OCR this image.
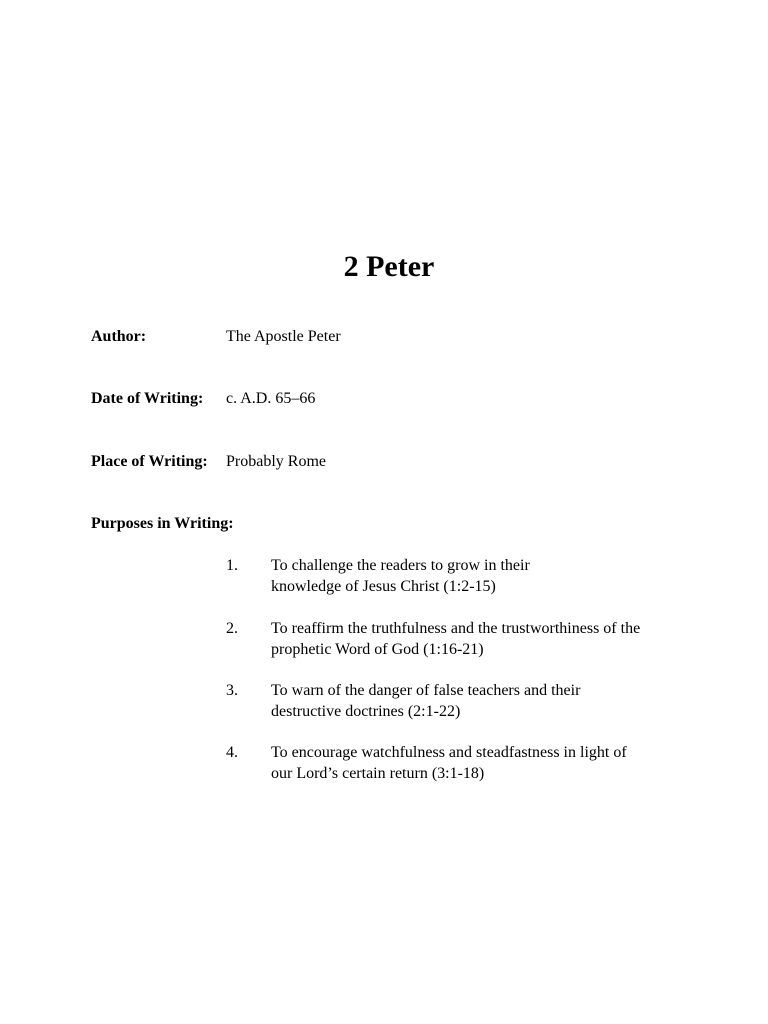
2 Peter
Author:	The Apostle Peter
Date of Writing: c. A.D. 65–66
Place of Writing: Probably Rome
Purposes in Writing:
1. To challenge the readers to grow in their
knowledge of Jesus Christ (1:2-15)
2. To reaffirm the truthfulness and the trustworthiness of the
prophetic Word of God (1:16-21)
3. To warn of the danger of false teachers and their
destructive doctrines (2:1-22)
4. To encourage watchfulness and steadfastness in light of
our Lord’s certain return (3:1-18)
